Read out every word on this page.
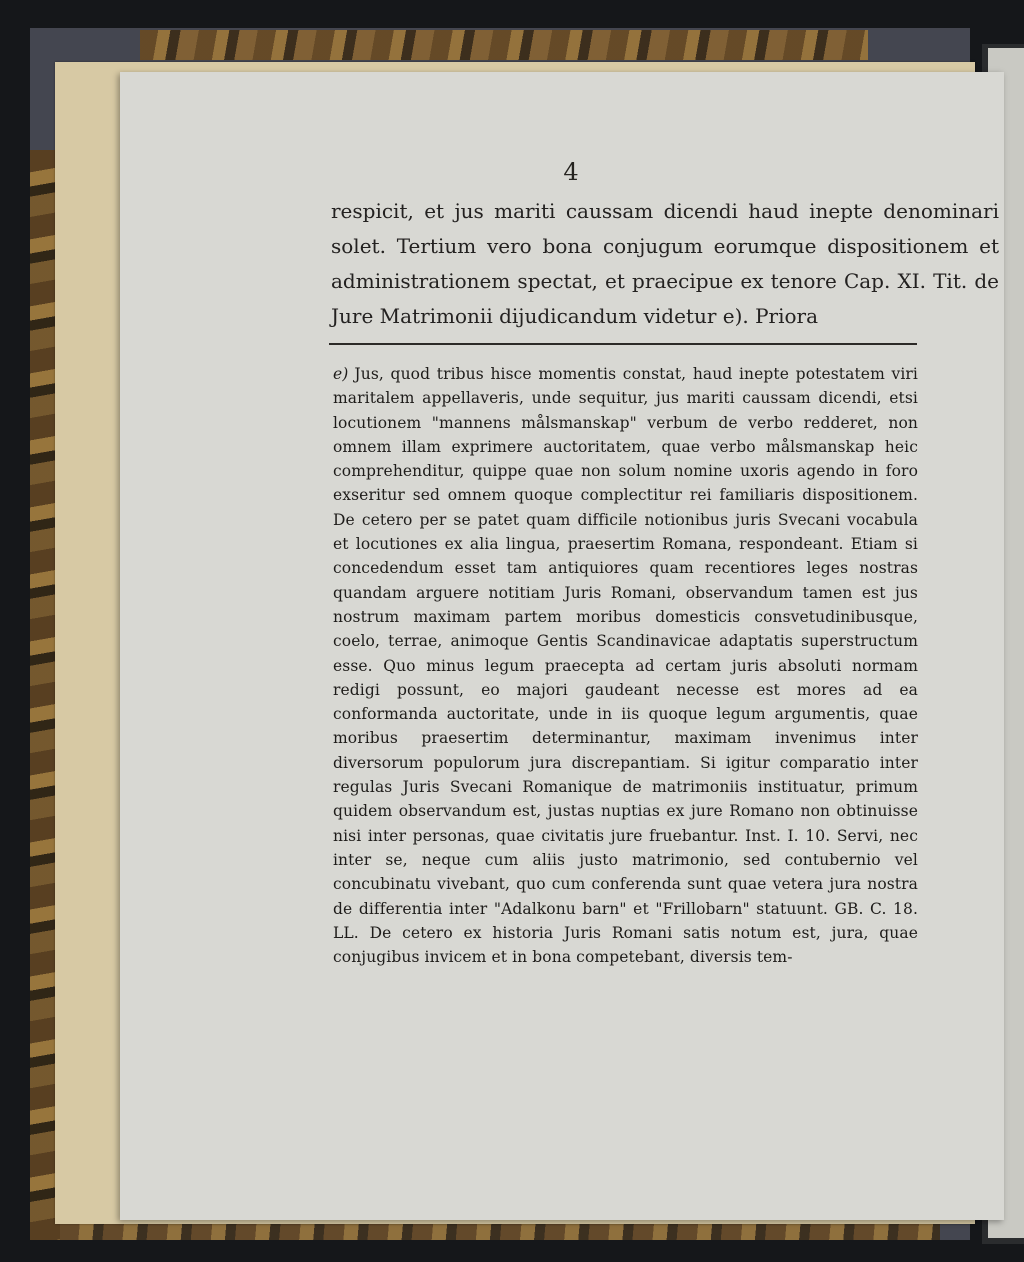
4
respicit, et jus mariti caussam dicendi haud inepte denominari solet. Tertium vero bona conjugum eorumque dispositionem et administrationem spectat, et praecipue ex tenore Cap. XI. Tit. de Jure Matrimonii dijudicandum videtur e). Priora
e) Jus, quod tribus hisce momentis constat, haud inepte potestatem viri maritalem appellaveris, unde sequitur, jus mariti caussam dicendi, etsi locutionem "mannens målsmanskap" verbum de verbo redderet, non omnem illam exprimere auctoritatem, quae verbo målsmanskap heic comprehenditur, quippe quae non solum nomine uxoris agendo in foro exseritur sed omnem quoque complectitur rei familiaris dispositionem. De cetero per se patet quam difficile notionibus juris Svecani vocabula et locutiones ex alia lingua, praesertim Romana, respondeant. Etiam si concedendum esset tam antiquiores quam recentiores leges nostras quandam arguere notitiam Juris Romani, observandum tamen est jus nostrum maximam partem moribus domesticis consvetudinibusque, coelo, terrae, animoque Gentis Scandinavicae adaptatis superstructum esse. Quo minus legum praecepta ad certam juris absoluti normam redigi possunt, eo majori gaudeant necesse est mores ad ea conformanda auctoritate, unde in iis quoque legum argumentis, quae moribus praesertim determinantur, maximam invenimus inter diversorum populorum jura discrepantiam. Si igitur comparatio inter regulas Juris Svecani Romanique de matrimoniis instituatur, primum quidem observandum est, justas nuptias ex jure Romano non obtinuisse nisi inter personas, quae civitatis jure fruebantur. Inst. I. 10. Servi, nec inter se, neque cum aliis justo matrimonio, sed contubernio vel concubinatu vivebant, quo cum conferenda sunt quae vetera jura nostra de differentia inter "Adalkonu barn" et "Frillobarn" statuunt. GB. C. 18. LL. De cetero ex historia Juris Romani satis notum est, jura, quae conjugibus invicem et in bona competebant, diversis tem-
